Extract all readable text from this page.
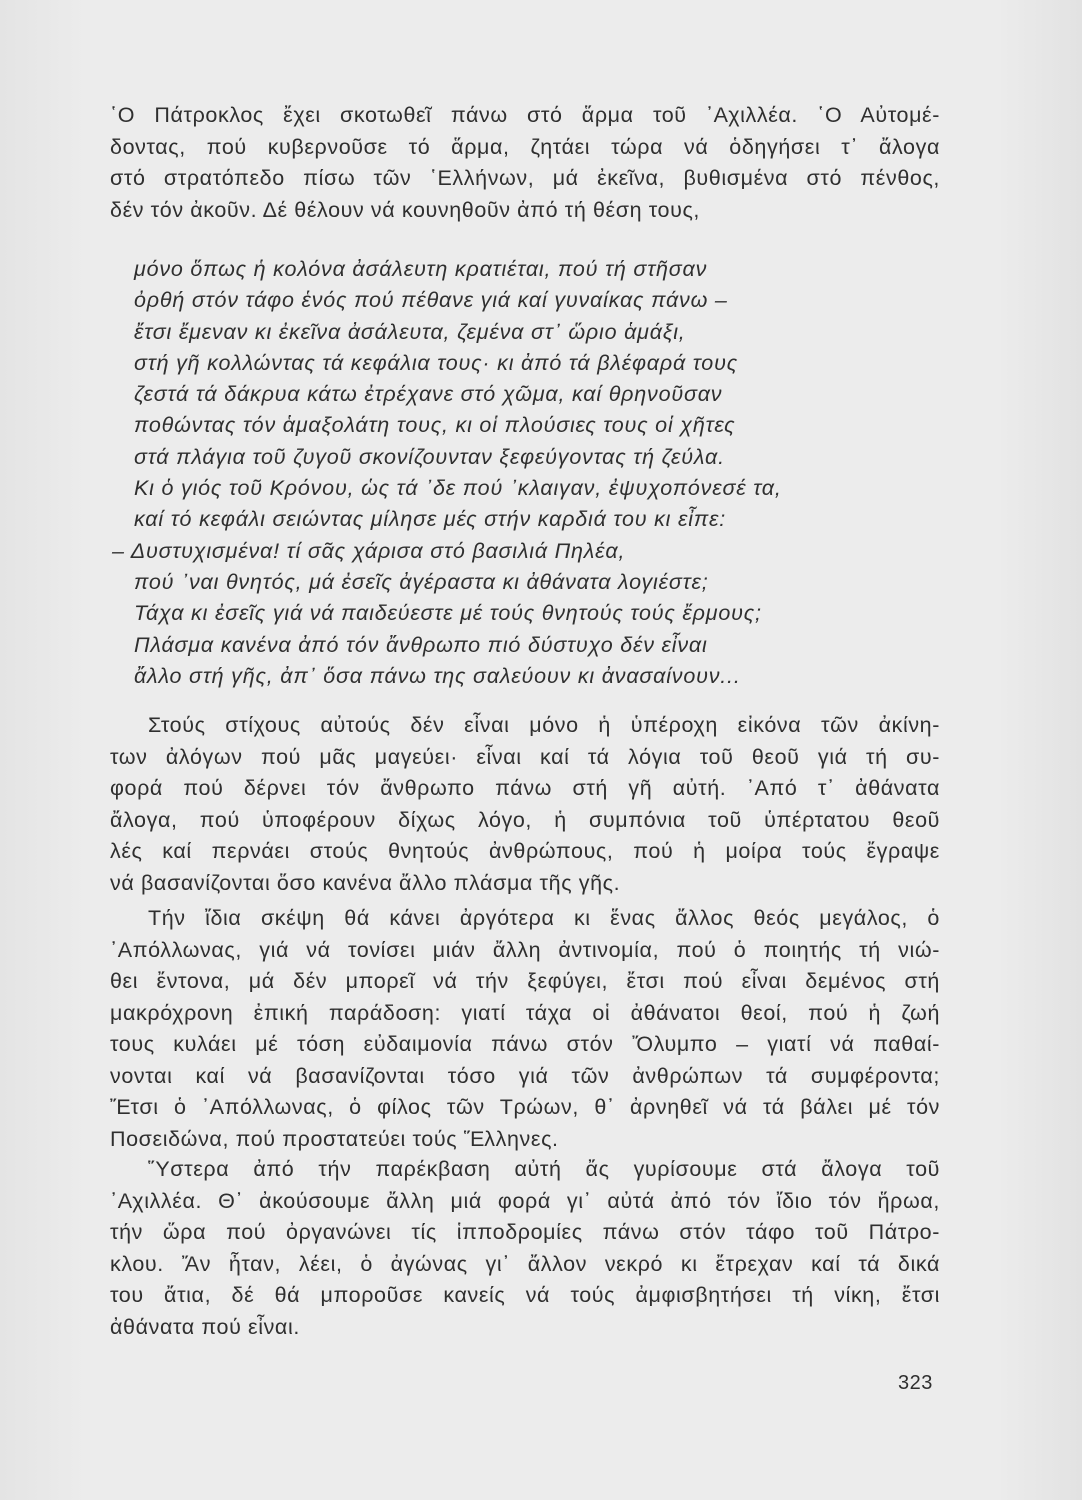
῾Ο Πάτροκλος ἔχει σκοτωθεῖ πάνω στό ἅρμα τοῦ ᾿Αχιλλέα. ῾Ο Αὐτομέ-
δοντας, πού κυβερνοῦσε τό ἅρμα, ζητάει τώρα νά ὁδηγήσει τ᾿ ἄλογα
στό στρατόπεδο πίσω τῶν ῾Ελλήνων, μά ἐκεῖνα, βυθισμένα στό πένθος,
δέν τόν ἀκοῦν. Δέ θέλουν νά κουνηθοῦν ἀπό τή θέση τους,
μόνο ὅπως ἡ κολόνα ἀσάλευτη κρατιέται, πού τή στῆσαν
ὀρθή στόν τάφο ἑνός πού πέθανε γιά καί γυναίκας πάνω –
ἔτσι ἔμεναν κι ἐκεῖνα ἀσάλευτα, ζεμένα στ᾿ ὥριο ἁμάξι,
στή γῆ κολλώντας τά κεφάλια τους· κι ἀπό τά βλέφαρά τους
ζεστά τά δάκρυα κάτω ἐτρέχανε στό χῶμα, καί θρηνοῦσαν
ποθώντας τόν ἁμαξολάτη τους, κι οἱ πλούσιες τους οἱ χῆτες
στά πλάγια τοῦ ζυγοῦ σκονίζουνταν ξεφεύγοντας τή ζεύλα.
Κι ὁ γιός τοῦ Κρόνου, ὡς τά ᾿δε πού ᾿κλαιγαν, ἐψυχοπόνεσέ τα,
καί τό κεφάλι σειώντας μίλησε μές στήν καρδιά του κι εἶπε:
– Δυστυχισμένα! τί σᾶς χάρισα στό βασιλιά Πηλέα,
πού ᾿ναι θνητός, μά ἐσεῖς ἀγέραστα κι ἀθάνατα λογιέστε;
Τάχα κι ἐσεῖς γιά νά παιδεύεστε μέ τούς θνητούς τούς ἔρμους;
Πλάσμα κανένα ἀπό τόν ἄνθρωπο πιό δύστυχο δέν εἶναι
ἄλλο στή γῆς, ἀπ᾿ ὅσα πάνω της σαλεύουν κι ἀνασαίνουν...
Στούς στίχους αὐτούς δέν εἶναι μόνο ἡ ὑπέροχη εἰκόνα τῶν ἀκίνη-
των ἀλόγων πού μᾶς μαγεύει· εἶναι καί τά λόγια τοῦ θεοῦ γιά τή συ-
φορά πού δέρνει τόν ἄνθρωπο πάνω στή γῆ αὐτή. ᾿Από τ᾿ ἀθάνατα
ἄλογα, πού ὑποφέρουν δίχως λόγο, ἡ συμπόνια τοῦ ὑπέρτατου θεοῦ
λές καί περνάει στούς θνητούς ἀνθρώπους, πού ἡ μοίρα τούς ἔγραψε
νά βασανίζονται ὅσο κανένα ἄλλο πλάσμα τῆς γῆς.
Τήν ἴδια σκέψη θά κάνει ἀργότερα κι ἕνας ἄλλος θεός μεγάλος, ὁ
᾿Απόλλωνας, γιά νά τονίσει μιάν ἄλλη ἀντινομία, πού ὁ ποιητής τή νιώ-
θει ἔντονα, μά δέν μπορεῖ νά τήν ξεφύγει, ἔτσι πού εἶναι δεμένος στή
μακρόχρονη ἐπική παράδοση: γιατί τάχα οἱ ἀθάνατοι θεοί, πού ἡ ζωή
τους κυλάει μέ τόση εὐδαιμονία πάνω στόν Ὄλυμπο – γιατί νά παθαί-
νονται καί νά βασανίζονται τόσο γιά τῶν ἀνθρώπων τά συμφέροντα;
Ἔτσι ὁ ᾿Απόλλωνας, ὁ φίλος τῶν Τρώων, θ᾿ ἀρνηθεῖ νά τά βάλει μέ τόν
Ποσειδώνα, πού προστατεύει τούς Ἕλληνες.
Ὕστερα ἀπό τήν παρέκβαση αὐτή ἄς γυρίσουμε στά ἄλογα τοῦ
᾿Αχιλλέα. Θ᾿ ἀκούσουμε ἄλλη μιά φορά γι᾿ αὐτά ἀπό τόν ἴδιο τόν ἥρωα,
τήν ὥρα πού ὀργανώνει τίς ἱπποδρομίες πάνω στόν τάφο τοῦ Πάτρο-
κλου. Ἄν ἦταν, λέει, ὁ ἀγώνας γι᾿ ἄλλον νεκρό κι ἔτρεχαν καί τά δικά
του ἄτια, δέ θά μποροῦσε κανείς νά τούς ἀμφισβητήσει τή νίκη, ἔτσι
ἀθάνατα πού εἶναι.
323
